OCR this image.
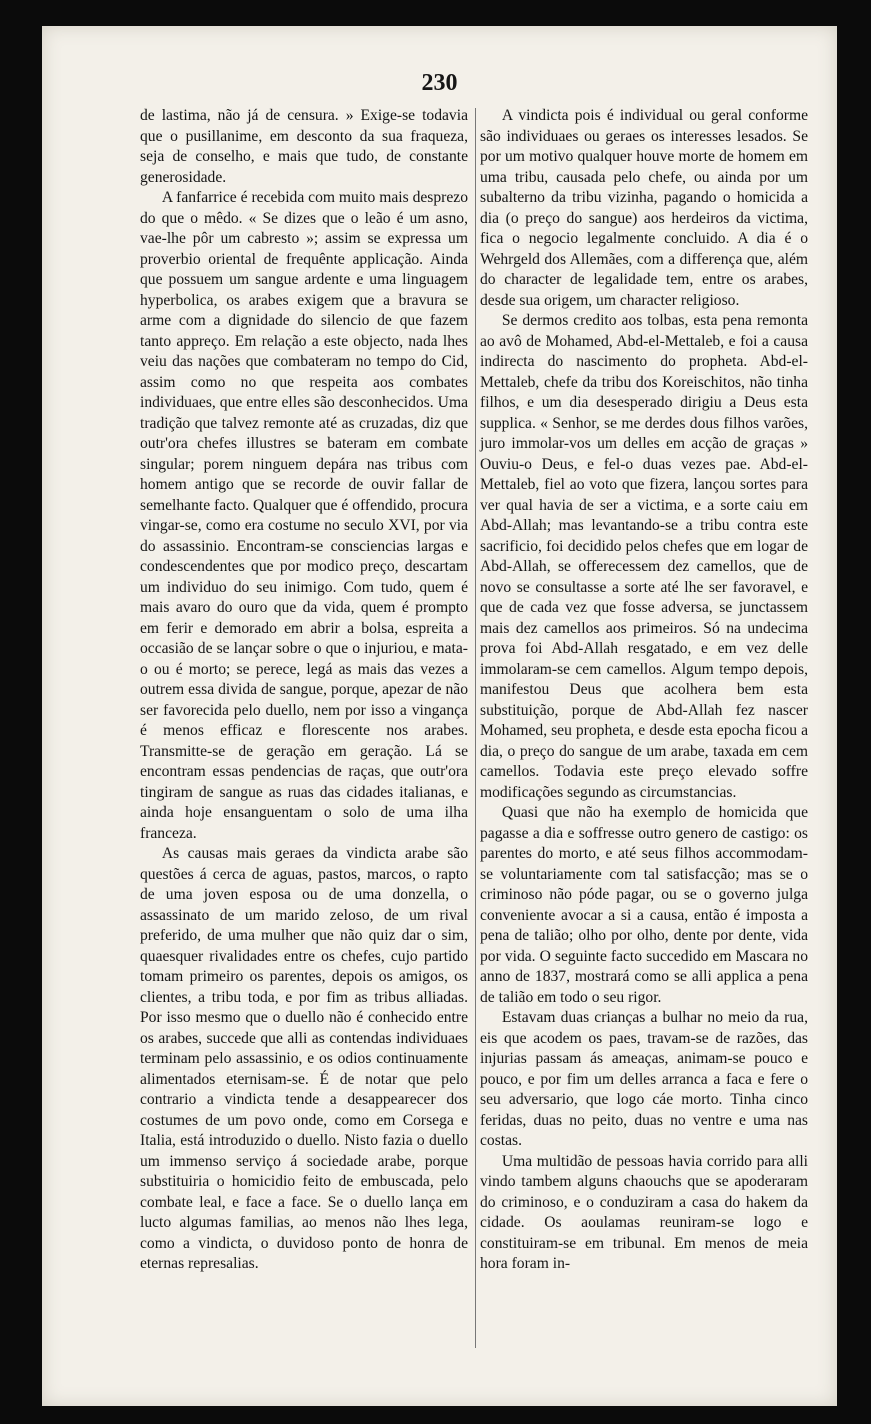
230

de lastima, não já de censura. » Exige-se todavia que o pusillanime, em desconto da sua fraqueza, seja de conselho, e mais que tudo, de constante generosidade.

A fanfarrice é recebida com muito mais desprezo do que o mêdo. « Se dizes que o leão é um asno, vae-lhe pôr um cabresto »; assim se expressa um proverbio oriental de frequênte applicação. Ainda que possuem um sangue ardente e uma linguagem hyperbolica, os arabes exigem que a bravura se arme com a dignidade do silencio de que fazem tanto appreço. Em relação a este objecto, nada lhes veiu das nações que combateram no tempo do Cid, assim como no que respeita aos combates individuaes, que entre elles são desconhecidos. Uma tradição que talvez remonte até as cruzadas, diz que outr'ora chefes illustres se bateram em combate singular; porem ninguem depára nas tribus com homem antigo que se recorde de ouvir fallar de semelhante facto. Qualquer que é offendido, procura vingar-se, como era costume no seculo XVI, por via do assassinio. Encontram-se consciencias largas e condescendentes que por modico preço, descartam um individuo do seu inimigo. Com tudo, quem é mais avaro do ouro que da vida, quem é prompto em ferir e demorado em abrir a bolsa, espreita a occasião de se lançar sobre o que o injuriou, e mata-o ou é morto; se perece, legá as mais das vezes a outrem essa divida de sangue, porque, apezar de não ser favorecida pelo duello, nem por isso a vingança é menos efficaz e florescente nos arabes. Transmitte-se de geração em geração. Lá se encontram essas pendencias de raças, que outr'ora tingiram de sangue as ruas das cidades italianas, e ainda hoje ensanguentam o solo de uma ilha franceza.

As causas mais geraes da vindicta arabe são questões á cerca de aguas, pastos, marcos, o rapto de uma joven esposa ou de uma donzella, o assassinato de um marido zeloso, de um rival preferido, de uma mulher que não quiz dar o sim, quaesquer rivalidades entre os chefes, cujo partido tomam primeiro os parentes, depois os amigos, os clientes, a tribu toda, e por fim as tribus alliadas. Por isso mesmo que o duello não é conhecido entre os arabes, succede que alli as contendas individuaes terminam pelo assassinio, e os odios continuamente alimentados eternisam-se. É de notar que pelo contrario a vindicta tende a desappearecer dos costumes de um povo onde, como em Corsega e Italia, está introduzido o duello. Nisto fazia o duello um immenso serviço á sociedade arabe, porque substituiria o homicidio feito de embuscada, pelo combate leal, e face a face. Se o duello lança em lucto algumas familias, ao menos não lhes lega, como a vindicta, o duvidoso ponto de honra de eternas represalias.

A vindicta pois é individual ou geral conforme são individuaes ou geraes os interesses lesados. Se por um motivo qualquer houve morte de homem em uma tribu, causada pelo chefe, ou ainda por um subalterno da tribu vizinha, pagando o homicida a dia (o preço do sangue) aos herdeiros da victima, fica o negocio legalmente concluido. A dia é o Wehrgeld dos Allemães, com a differença que, além do character de legalidade tem, entre os arabes, desde sua origem, um character religioso.

Se dermos credito aos tolbas, esta pena remonta ao avô de Mohamed, Abd-el-Mettaleb, e foi a causa indirecta do nascimento do propheta. Abd-el-Mettaleb, chefe da tribu dos Koreischitos, não tinha filhos, e um dia desesperado dirigiu a Deus esta supplica. « Senhor, se me derdes dous filhos varões, juro immolar-vos um delles em acção de graças » Ouviu-o Deus, e fel-o duas vezes pae. Abd-el-Mettaleb, fiel ao voto que fizera, lançou sortes para ver qual havia de ser a victima, e a sorte caiu em Abd-Allah; mas levantando-se a tribu contra este sacrificio, foi decidido pelos chefes que em logar de Abd-Allah, se offerecessem dez camellos, que de novo se consultasse a sorte até lhe ser favoravel, e que de cada vez que fosse adversa, se junctassem mais dez camellos aos primeiros. Só na undecima prova foi Abd-Allah resgatado, e em vez delle immolaram-se cem camellos. Algum tempo depois, manifestou Deus que acolhera bem esta substituição, porque de Abd-Allah fez nascer Mohamed, seu propheta, e desde esta epocha ficou a dia, o preço do sangue de um arabe, taxada em cem camellos. Todavia este preço elevado soffre modificações segundo as circumstancias.

Quasi que não ha exemplo de homicida que pagasse a dia e soffresse outro genero de castigo: os parentes do morto, e até seus filhos accommodam-se voluntariamente com tal satisfacção; mas se o criminoso não póde pagar, ou se o governo julga conveniente avocar a si a causa, então é imposta a pena de talião; olho por olho, dente por dente, vida por vida. O seguinte facto succedido em Mascara no anno de 1837, mostrará como se alli applica a pena de talião em todo o seu rigor.

Estavam duas crianças a bulhar no meio da rua, eis que acodem os paes, travam-se de razões, das injurias passam ás ameaças, animam-se pouco e pouco, e por fim um delles arranca a faca e fere o seu adversario, que logo cáe morto. Tinha cinco feridas, duas no peito, duas no ventre e uma nas costas.

Uma multidão de pessoas havia corrido para alli vindo tambem alguns chaouchs que se apoderaram do criminoso, e o conduziram a casa do hakem da cidade. Os aoulamas reuniram-se logo e constituiram-se em tribunal. Em menos de meia hora foram in-
